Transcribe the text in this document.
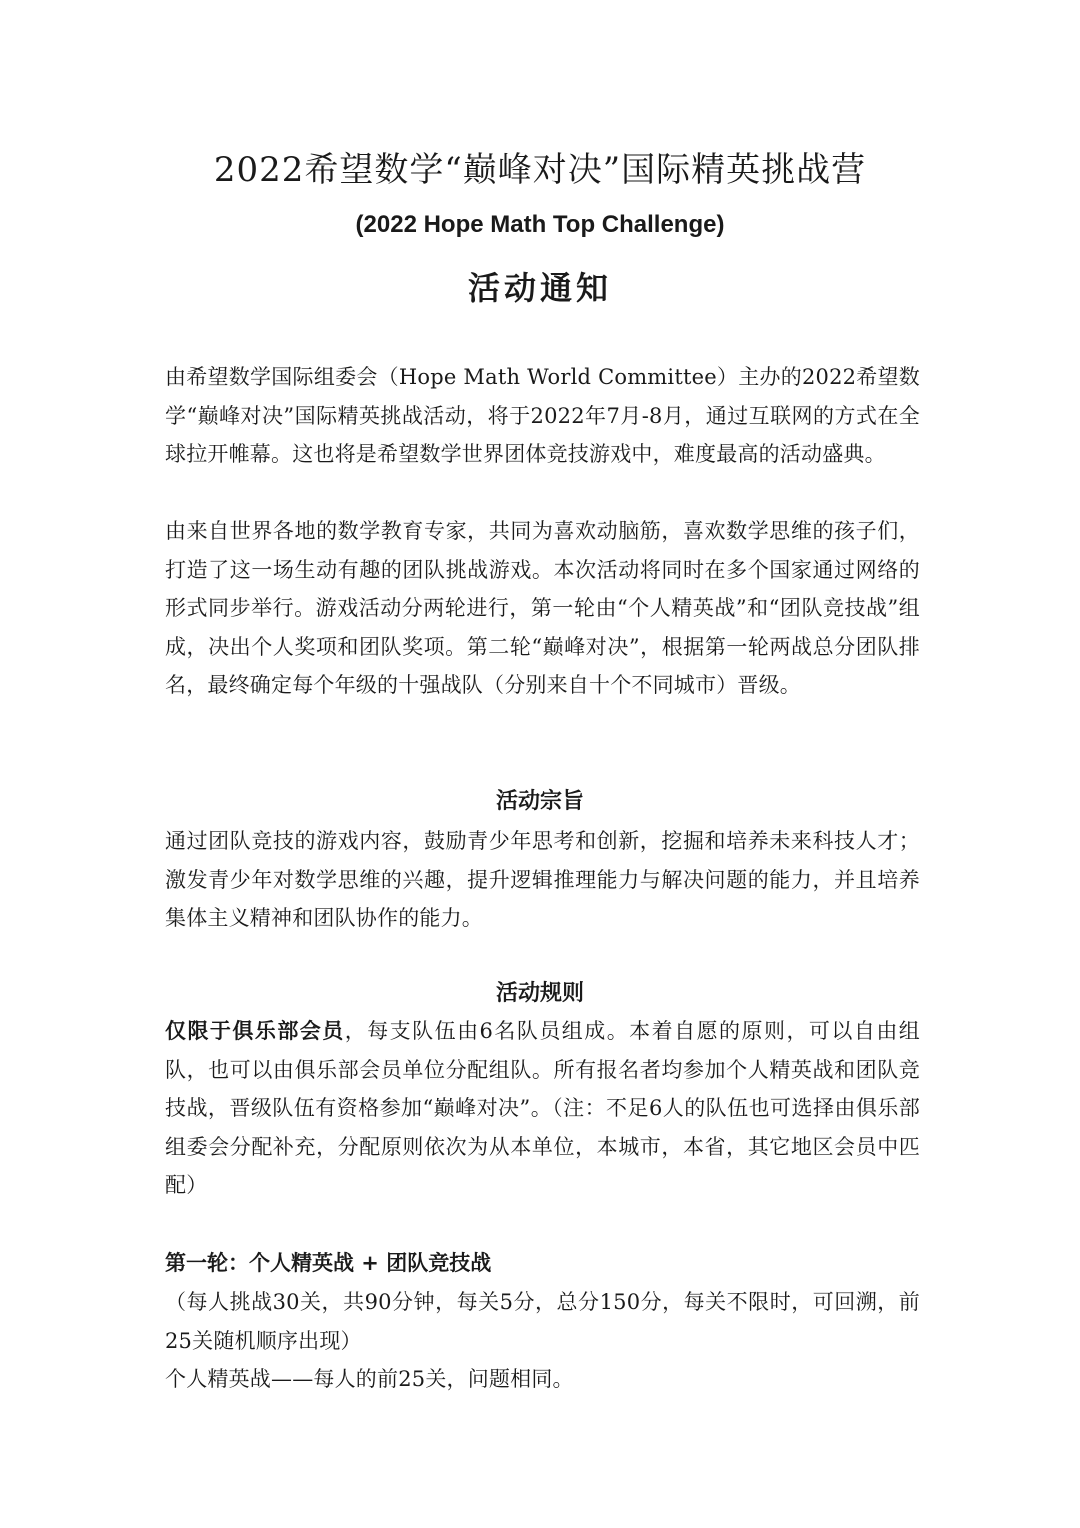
2022希望数学“巅峰对决”国际精英挑战营
(2022 Hope Math Top Challenge)
活动通知

由希望数学国际组委会（Hope Math World Committee）主办的2022希望数学“巅峰对决”国际精英挑战活动，将于2022年7月-8月，通过互联网的方式在全球拉开帷幕。这也将是希望数学世界团体竞技游戏中，难度最高的活动盛典。

由来自世界各地的数学教育专家，共同为喜欢动脑筋，喜欢数学思维的孩子们，打造了这一场生动有趣的团队挑战游戏。本次活动将同时在多个国家通过网络的形式同步举行。游戏活动分两轮进行，第一轮由“个人精英战”和“团队竞技战”组成，决出个人奖项和团队奖项。第二轮“巅峰对决”，根据第一轮两战总分团队排名，最终确定每个年级的十强战队（分别来自十个不同城市）晋级。

活动宗旨

通过团队竞技的游戏内容，鼓励青少年思考和创新，挖掘和培养未来科技人才；激发青少年对数学思维的兴趣，提升逻辑推理能力与解决问题的能力，并且培养集体主义精神和团队协作的能力。

活动规则

仅限于俱乐部会员，每支队伍由6名队员组成。本着自愿的原则，可以自由组队，也可以由俱乐部会员单位分配组队。所有报名者均参加个人精英战和团队竞技战，晋级队伍有资格参加“巅峰对决”。（注：不足6人的队伍也可选择由俱乐部组委会分配补充，分配原则依次为从本单位，本城市，本省，其它地区会员中匹配）

第一轮：个人精英战 + 团队竞技战

（每人挑战30关，共90分钟，每关5分，总分150分，每关不限时，可回溯，前25关随机顺序出现）

个人精英战——每人的前25关，问题相同。
